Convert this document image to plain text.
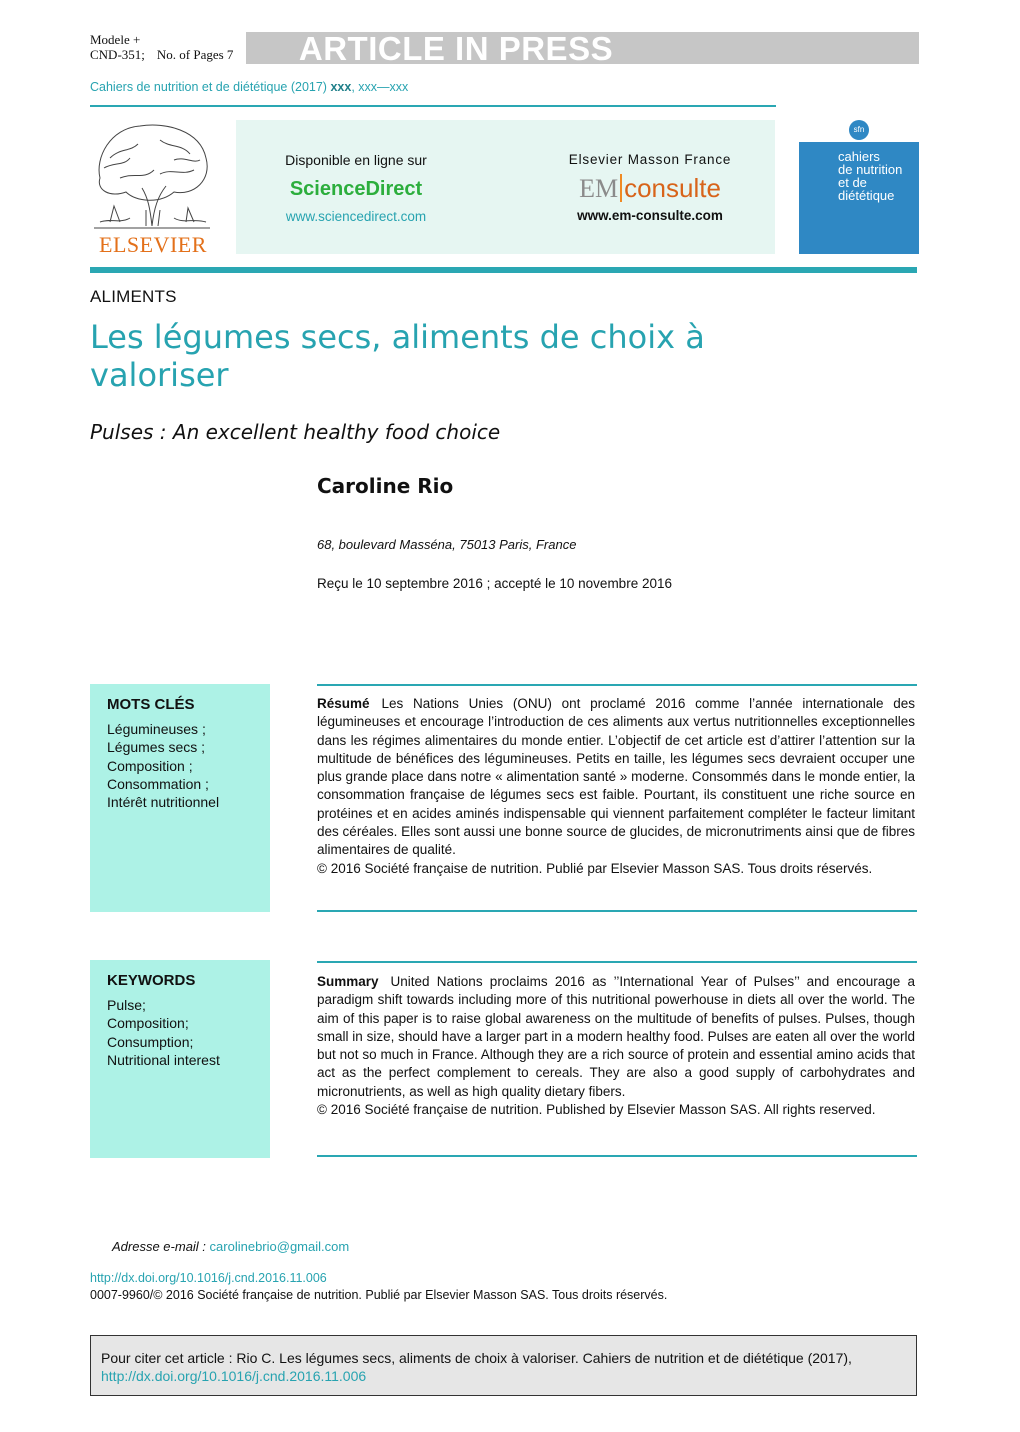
Modele +
CND-351; No. of Pages 7	ARTICLE IN PRESS
Cahiers de nutrition et de diététique (2017) xxx, xxx—xxx
ELSEVIER
Disponible en ligne sur
ScienceDirect
www.sciencedirect.com
Elsevier Masson France
EM consulte
www.em-consulte.com
sfn
cahiers
de nutrition
et de
diététique
ALIMENTS
Les légumes secs, aliments de choix à valoriser
Pulses : An excellent healthy food choice
Caroline Rio
68, boulevard Masséna, 75013 Paris, France
Reçu le 10 septembre 2016 ; accepté le 10 novembre 2016
MOTS CLÉS
Légumineuses ;
Légumes secs ;
Composition ;
Consommation ;
Intérêt nutritionnel
Résumé Les Nations Unies (ONU) ont proclamé 2016 comme l’année internationale des légumineuses et encourage l’introduction de ces aliments aux vertus nutritionnelles exceptionnelles dans les régimes alimentaires du monde entier. L’objectif de cet article est d’attirer l’attention sur la multitude de bénéfices des légumineuses. Petits en taille, les légumes secs devraient occuper une plus grande place dans notre « alimentation santé » moderne. Consommés dans le monde entier, la consommation française de légumes secs est faible. Pourtant, ils constituent une riche source en protéines et en acides aminés indispensable qui viennent parfaitement compléter le facteur limitant des céréales. Elles sont aussi une bonne source de glucides, de micronutriments ainsi que de fibres alimentaires de qualité.
© 2016 Société française de nutrition. Publié par Elsevier Masson SAS. Tous droits réservés.
KEYWORDS
Pulse;
Composition;
Consumption;
Nutritional interest
Summary United Nations proclaims 2016 as ’’International Year of Pulses’’ and encourage a paradigm shift towards including more of this nutritional powerhouse in diets all over the world. The aim of this paper is to raise global awareness on the multitude of benefits of pulses. Pulses, though small in size, should have a larger part in a modern healthy food. Pulses are eaten all over the world but not so much in France. Although they are a rich source of protein and essential amino acids that act as the perfect complement to cereals. They are also a good supply of carbohydrates and micronutrients, as well as high quality dietary fibers.
© 2016 Société française de nutrition. Published by Elsevier Masson SAS. All rights reserved.
Adresse e-mail : carolinebrio@gmail.com
http://dx.doi.org/10.1016/j.cnd.2016.11.006
0007-9960/© 2016 Société française de nutrition. Publié par Elsevier Masson SAS. Tous droits réservés.
Pour citer cet article : Rio C. Les légumes secs, aliments de choix à valoriser. Cahiers de nutrition et de diététique (2017),
http://dx.doi.org/10.1016/j.cnd.2016.11.006
